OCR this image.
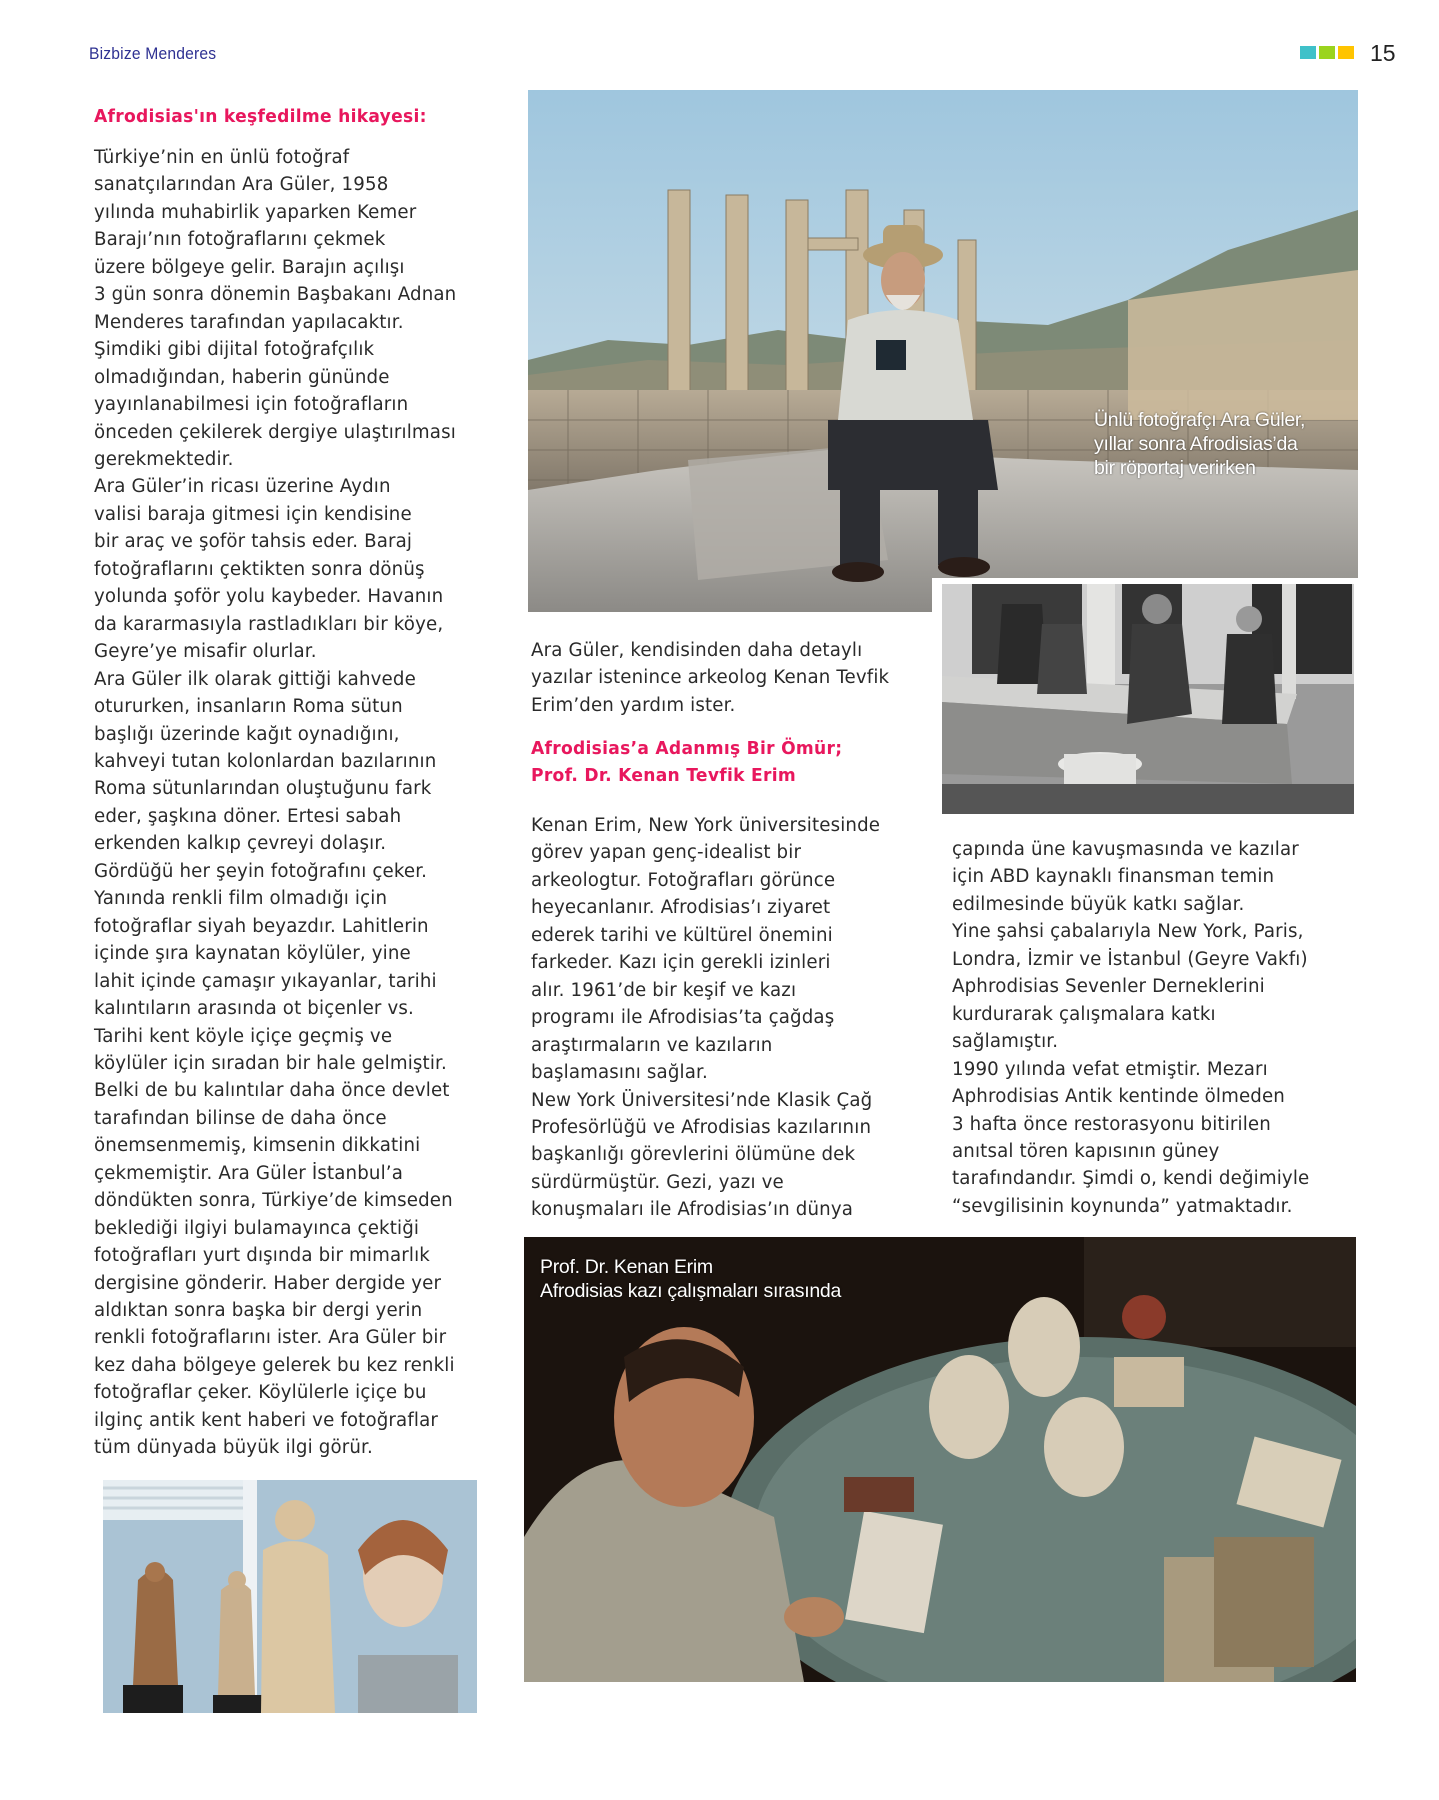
Bizbize Menderes	15
Afrodisias'ın keşfedilme hikayesi:
Türkiye’nin en ünlü fotoğraf
sanatçılarından Ara Güler, 1958
yılında muhabirlik yaparken Kemer
Barajı’nın fotoğraflarını çekmek
üzere bölgeye gelir. Barajın açılışı
3 gün sonra dönemin Başbakanı Adnan
Menderes tarafından yapılacaktır.
Şimdiki gibi dijital fotoğrafçılık
olmadığından, haberin gününde
yayınlanabilmesi için fotoğrafların
önceden çekilerek dergiye ulaştırılması
gerekmektedir.
Ara Güler’in ricası üzerine Aydın
valisi baraja gitmesi için kendisine
bir araç ve şoför tahsis eder. Baraj
fotoğraflarını çektikten sonra dönüş
yolunda şoför yolu kaybeder. Havanın
da kararmasıyla rastladıkları bir köye,
Geyre’ye misafir olurlar.
Ara Güler ilk olarak gittiği kahvede
otururken, insanların Roma sütun
başlığı üzerinde kağıt oynadığını,
kahveyi tutan kolonlardan bazılarının
Roma sütunlarından oluştuğunu fark
eder, şaşkına döner. Ertesi sabah
erkenden kalkıp çevreyi dolaşır.
Gördüğü her şeyin fotoğrafını çeker.
Yanında renkli film olmadığı için
fotoğraflar siyah beyazdır. Lahitlerin
içinde şıra kaynatan köylüler, yine
lahit içinde çamaşır yıkayanlar, tarihi
kalıntıların arasında ot biçenler vs.
Tarihi kent köyle içiçe geçmiş ve
köylüler için sıradan bir hale gelmiştir.
Belki de bu kalıntılar daha önce devlet
tarafından bilinse de daha önce
önemsenmemiş, kimsenin dikkatini
çekmemiştir. Ara Güler İstanbul’a
döndükten sonra, Türkiye’de kimseden
beklediği ilgiyi bulamayınca çektiği
fotoğrafları yurt dışında bir mimarlık
dergisine gönderir. Haber dergide yer
aldıktan sonra başka bir dergi yerin
renkli fotoğraflarını ister. Ara Güler bir
kez daha bölgeye gelerek bu kez renkli
fotoğraflar çeker. Köylülerle içiçe bu
ilginç antik kent haberi ve fotoğraflar
tüm dünyada büyük ilgi görür.
Ünlü fotoğrafçı Ara Güler,
yıllar sonra Afrodisias’da
bir röportaj verirken
Ara Güler, kendisinden daha detaylı
yazılar istenince arkeolog Kenan Tevfik
Erim’den yardım ister.
Afrodisias’a Adanmış Bir Ömür;
Prof. Dr. Kenan Tevfik Erim
Kenan Erim, New York üniversitesinde
görev yapan genç-idealist bir
arkeologtur. Fotoğrafları görünce
heyecanlanır. Afrodisias’ı ziyaret
ederek tarihi ve kültürel önemini
farkeder. Kazı için gerekli izinleri
alır. 1961’de bir keşif ve kazı
programı ile Afrodisias’ta çağdaş
araştırmaların ve kazıların
başlamasını sağlar.
New York Üniversitesi’nde Klasik Çağ
Profesörlüğü ve Afrodisias kazılarının
başkanlığı görevlerini ölümüne dek
sürdürmüştür. Gezi, yazı ve
konuşmaları ile Afrodisias’ın dünya
çapında üne kavuşmasında ve kazılar
için ABD kaynaklı finansman temin
edilmesinde büyük katkı sağlar.
Yine şahsi çabalarıyla New York, Paris,
Londra, İzmir ve İstanbul (Geyre Vakfı)
Aphrodisias Sevenler Derneklerini
kurdurarak çalışmalara katkı
sağlamıştır.
1990 yılında vefat etmiştir. Mezarı
Aphrodisias Antik kentinde ölmeden
3 hafta önce restorasyonu bitirilen
anıtsal tören kapısının güney
tarafındandır. Şimdi o, kendi değimiyle
“sevgilisinin koynunda” yatmaktadır.
Prof. Dr. Kenan Erim
Afrodisias kazı çalışmaları sırasında
